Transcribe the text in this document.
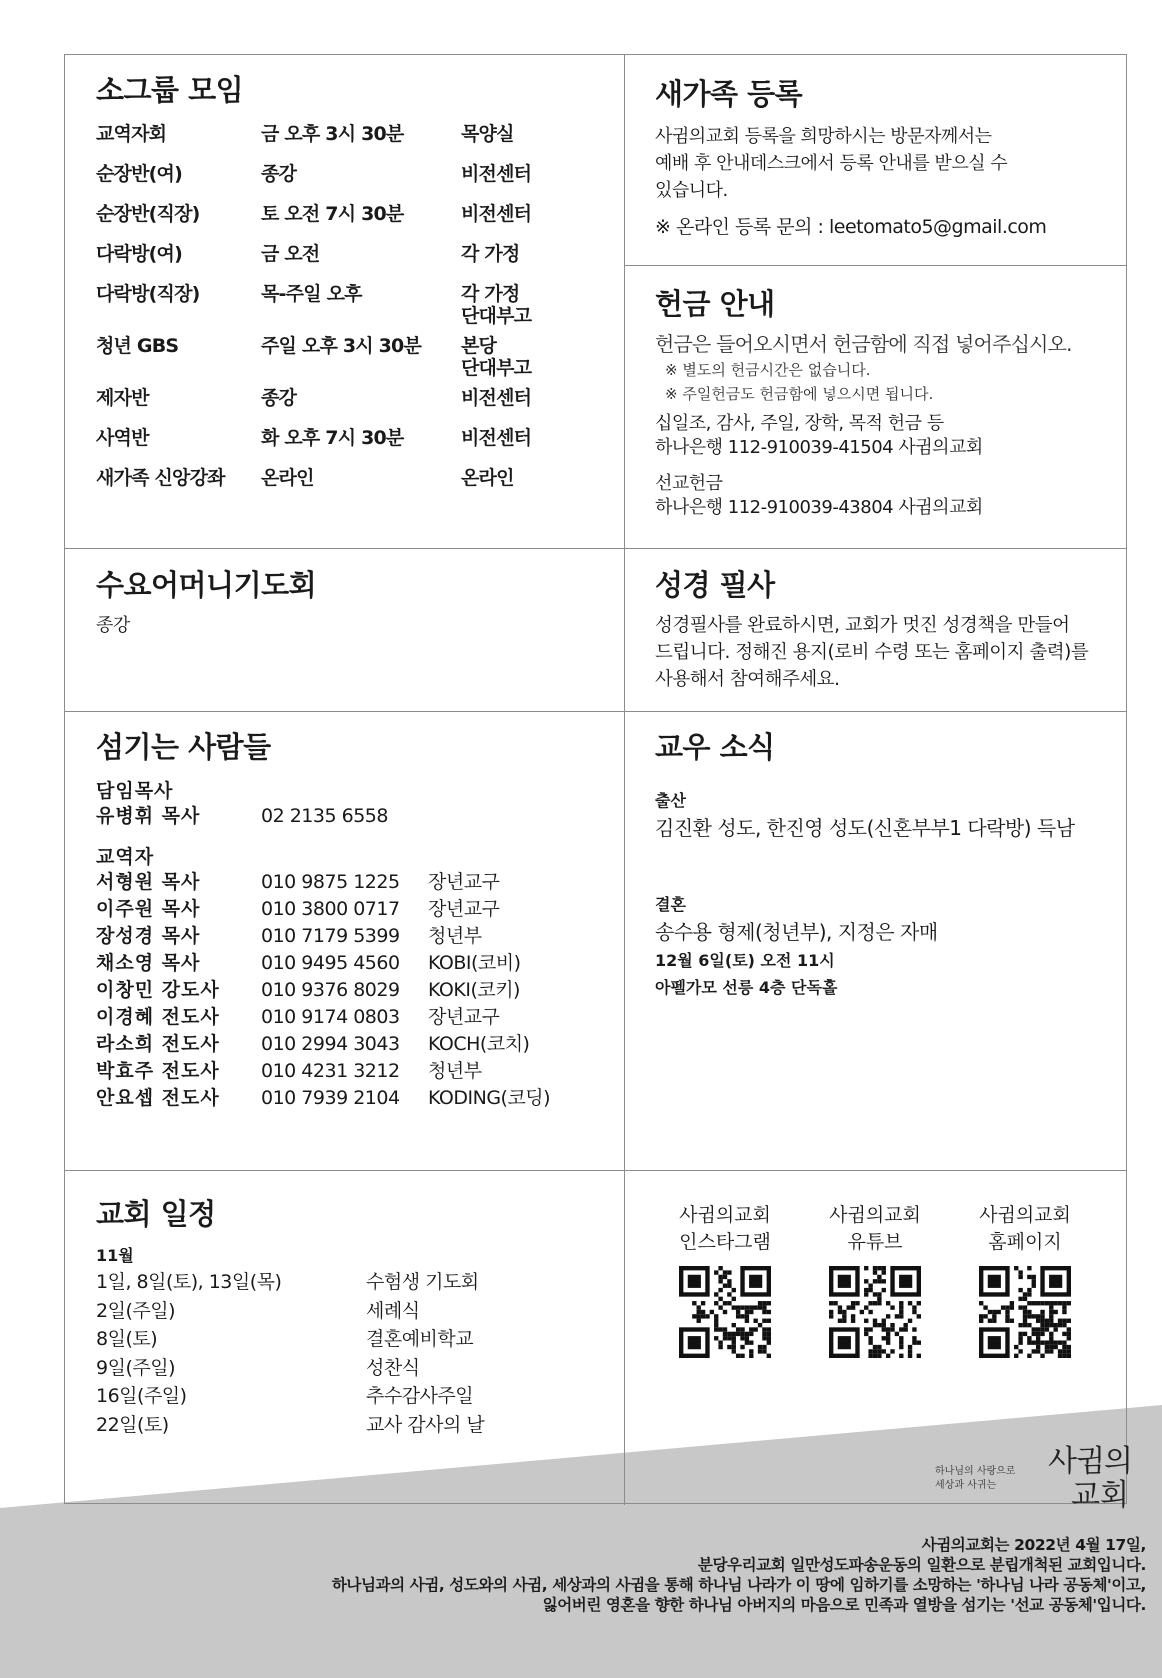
소그룹 모임
교역자회	금 오후 3시 30분	목양실
순장반(여)	종강	비전센터
순장반(직장)	토 오전 7시 30분	비전센터
다락방(여)	금 오전	각 가정
다락방(직장)	목-주일 오후	각 가정
단대부고
청년 GBS	주일 오후 3시 30분	본당
단대부고
제자반	종강	비전센터
사역반	화 오후 7시 30분	비전센터
새가족 신앙강좌	온라인	온라인
새가족 등록
사귐의교회 등록을 희망하시는 방문자께서는
예배 후 안내데스크에서 등록 안내를 받으실 수
있습니다.
※ 온라인 등록 문의 : leetomato5@gmail.com
헌금 안내
헌금은 들어오시면서 헌금함에 직접 넣어주십시오.
※ 별도의 헌금시간은 없습니다.
※ 주일헌금도 헌금함에 넣으시면 됩니다.
십일조, 감사, 주일, 장학, 목적 헌금 등
하나은행 112-910039-41504 사귐의교회
선교헌금
하나은행 112-910039-43804 사귐의교회
수요어머니기도회
종강
성경 필사
성경필사를 완료하시면, 교회가 멋진 성경책을 만들어
드립니다. 정해진 용지(로비 수령 또는 홈페이지 출력)를
사용해서 참여해주세요.
섬기는 사람들
담임목사
유병휘 목사	02 2135 6558
교역자
서형원 목사	010 9875 1225	장년교구
이주원 목사	010 3800 0717	장년교구
장성경 목사	010 7179 5399	청년부
채소영 목사	010 9495 4560	KOBI(코비)
이창민 강도사	010 9376 8029	KOKI(코키)
이경혜 전도사	010 9174 0803	장년교구
라소희 전도사	010 2994 3043	KOCH(코치)
박효주 전도사	010 4231 3212	청년부
안요셉 전도사	010 7939 2104	KODING(코딩)
교우 소식
출산
김진환 성도, 한진영 성도(신혼부부1 다락방) 득남
결혼
송수용 형제(청년부), 지정은 자매
12월 6일(토) 오전 11시
아펠가모 선릉 4층 단독홀
교회 일정
11월
1일, 8일(토), 13일(목)	수험생 기도회
2일(주일)	세례식
8일(토)	결혼예비학교
9일(주일)	성찬식
16일(주일)	추수감사주일
22일(토)	교사 감사의 날
사귐의교회
인스타그램
사귐의교회
유튜브
사귐의교회
홈페이지
하나님의 사랑으로
세상과 사귀는
사귐의
교회
사귐의교회는 2022년 4월 17일,
분당우리교회 일만성도파송운동의 일환으로 분립개척된 교회입니다.
하나님과의 사귐, 성도와의 사귐, 세상과의 사귐을 통해 하나님 나라가 이 땅에 임하기를 소망하는 '하나님 나라 공동체'이고,
잃어버린 영혼을 향한 하나님 아버지의 마음으로 민족과 열방을 섬기는 '선교 공동체'입니다.
